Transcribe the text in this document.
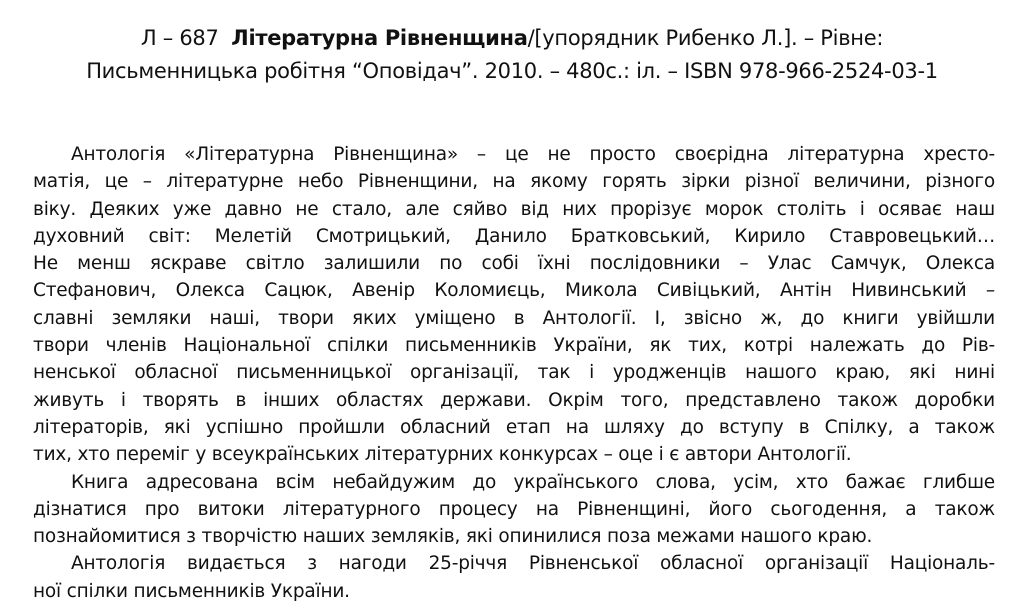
Л – 687 Літературна Рівненщина/[упорядник Рибенко Л.]. – Рівне:
Письменницька робітня “Оповідач”. 2010. – 480с.: іл. – ISBN 978-966-2524-03-1
Антологія «Літературна Рівненщина» – це не просто своєрідна літературна хресто-
матія, це – літературне небо Рівненщини, на якому горять зірки різної величини, різного
віку. Деяких уже давно не стало, але сяйво від них прорізує морок століть і осяває наш
духовний світ: Мелетій Смотрицький, Данило Братковський, Кирило Ставровецький…
Не менш яскраве світло залишили по собі їхні послідовники – Улас Самчук, Олекса
Стефанович, Олекса Сацюк, Авенір Коломиєць, Микола Сивіцький, Антін Нивинський –
славні земляки наші, твори яких уміщено в Антології. І, звісно ж, до книги увійшли
твори членів Національної спілки письменників України, як тих, котрі належать до Рів-
ненської обласної письменницької організації, так і уродженців нашого краю, які нині
живуть і творять в інших областях держави. Окрім того, представлено також доробки
літераторів, які успішно пройшли обласний етап на шляху до вступу в Спілку, а також
тих, хто переміг у всеукраїнських літературних конкурсах – оце і є автори Антології.
Книга адресована всім небайдужим до українського слова, усім, хто бажає глибше
дізнатися про витоки літературного процесу на Рівненщині, його сьогодення, а також
познайомитися з творчістю наших земляків, які опинилися поза межами нашого краю.
Антологія видається з нагоди 25-річчя Рівненської обласної організації Національ-
ної спілки письменників України.
